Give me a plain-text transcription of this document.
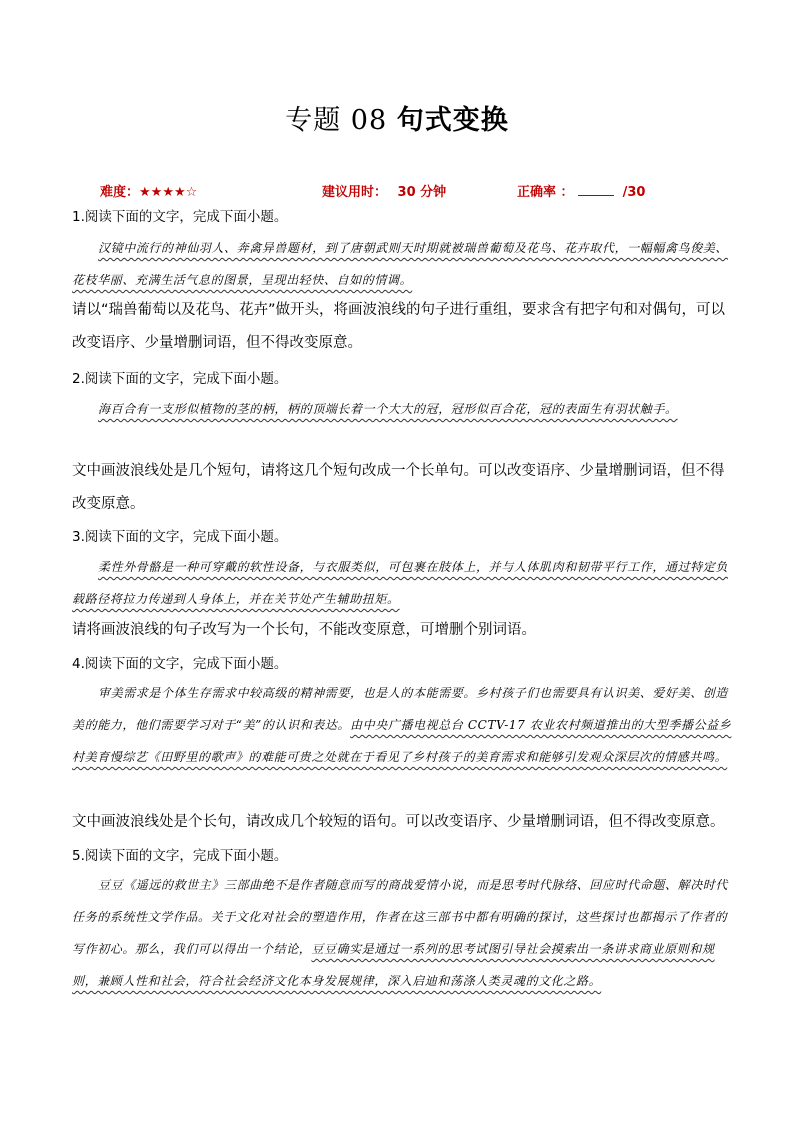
专题 08 句式变换
难度：★★★★☆	建议用时： 30 分钟	正确率 ：	/30
1.阅读下面的文字，完成下面小题。
汉镜中流行的神仙羽人、奔禽异兽题材，到了唐朝武则天时期就被瑞兽葡萄及花鸟、花卉取代，一幅幅禽鸟俊美、花枝华丽、充满生活气息的图景，呈现出轻快、自如的情调。
请以“瑞兽葡萄以及花鸟、花卉”做开头，将画波浪线的句子进行重组，要求含有把字句和对偶句，可以改变语序、少量增删词语，但不得改变原意。
2.阅读下面的文字，完成下面小题。
海百合有一支形似植物的茎的柄，柄的顶端长着一个大大的冠，冠形似百合花，冠的表面生有羽状触手。
文中画波浪线处是几个短句，请将这几个短句改成一个长单句。可以改变语序、少量增删词语，但不得改变原意。
3.阅读下面的文字，完成下面小题。
柔性外骨骼是一种可穿戴的软性设备，与衣服类似，可包裹在肢体上，并与人体肌肉和韧带平行工作，通过特定负载路径将拉力传递到人身体上，并在关节处产生辅助扭矩。
请将画波浪线的句子改写为一个长句，不能改变原意，可增删个别词语。
4.阅读下面的文字，完成下面小题。
审美需求是个体生存需求中较高级的精神需要，也是人的本能需要。乡村孩子们也需要具有认识美、爱好美、创造美的能力，他们需要学习对于“美”的认识和表达。由中央广播电视总台 CCTV-17 农业农村频道推出的大型季播公益乡村美育慢综艺《田野里的歌声》的难能可贵之处就在于看见了乡村孩子的美育需求和能够引发观众深层次的情感共鸣。
文中画波浪线处是个长句，请改成几个较短的语句。可以改变语序、少量增删词语，但不得改变原意。
5.阅读下面的文字，完成下面小题。
豆豆《遥远的救世主》三部曲绝不是作者随意而写的商战爱情小说，而是思考时代脉络、回应时代命题、解决时代任务的系统性文学作品。关于文化对社会的塑造作用，作者在这三部书中都有明确的探讨，这些探讨也都揭示了作者的写作初心。那么，我们可以得出一个结论，豆豆确实是通过一系列的思考试图引导社会摸索出一条讲求商业原则和规则，兼顾人性和社会，符合社会经济文化本身发展规律，深入启迪和荡涤人类灵魂的文化之路。
